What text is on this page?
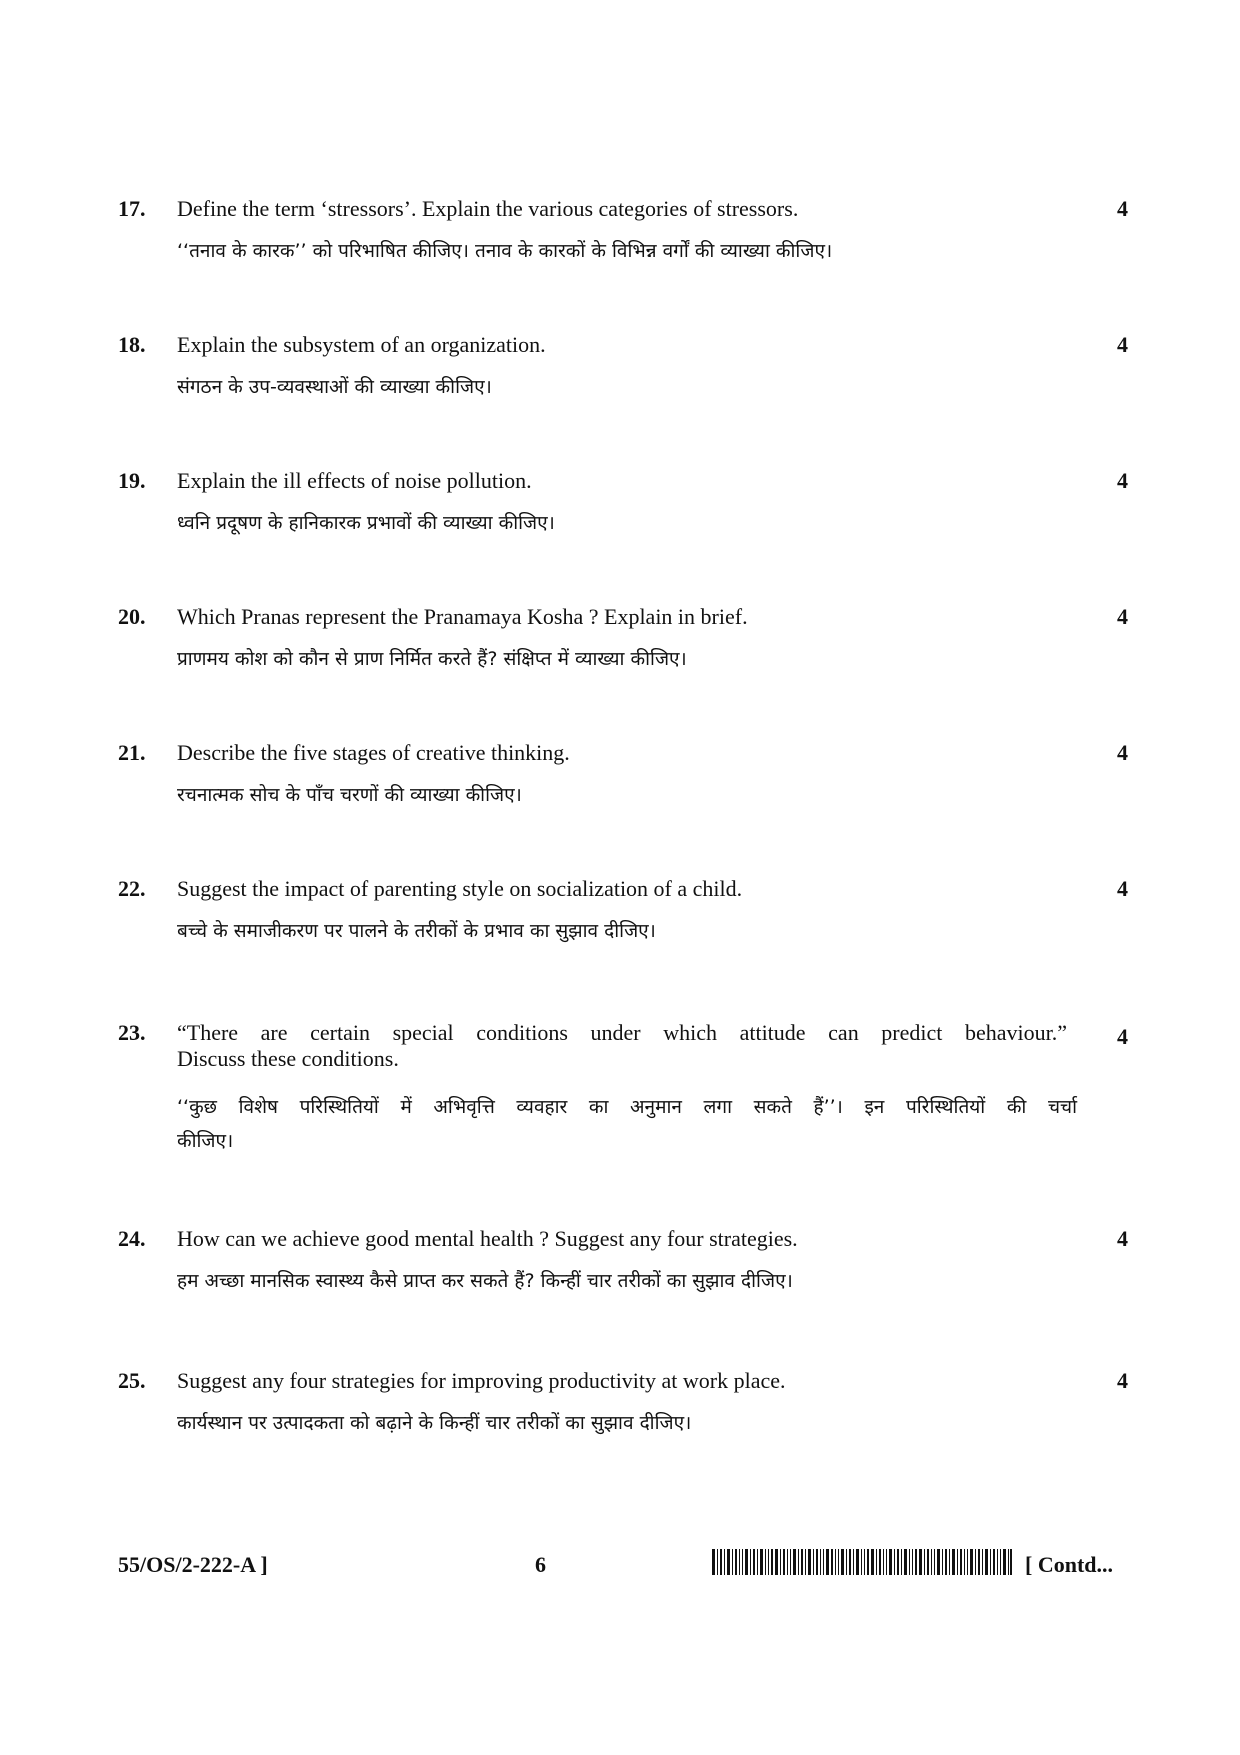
17.	Define the term ‘stressors’. Explain the various categories of stressors.
‘‘तनाव के कारक’’ को परिभाषित कीजिए। तनाव के कारकों के विभिन्न वर्गों की व्याख्या कीजिए।
4
18.	Explain the subsystem of an organization.
संगठन के उप-व्यवस्थाओं की व्याख्या कीजिए।
4
19.	Explain the ill effects of noise pollution.
ध्वनि प्रदूषण के हानिकारक प्रभावों की व्याख्या कीजिए।
4
20.	Which Pranas represent the Pranamaya Kosha ? Explain in brief.
प्राणमय कोश को कौन से प्राण निर्मित करते हैं? संक्षिप्त में व्याख्या कीजिए।
4
21.	Describe the five stages of creative thinking.
रचनात्मक सोच के पाँच चरणों की व्याख्या कीजिए।
4
22.	Suggest the impact of parenting style on socialization of a child.
बच्चे के समाजीकरण पर पालने के तरीकों के प्रभाव का सुझाव दीजिए।
4
23.	“There are certain special conditions under which attitude can predict behaviour.”
Discuss these conditions.
‘‘कुछ विशेष परिस्थितियों में अभिवृत्ति व्यवहार का अनुमान लगा सकते हैं’’। इन परिस्थितियों की चर्चा
कीजिए।
4
24.	How can we achieve good mental health ? Suggest any four strategies.
हम अच्छा मानसिक स्वास्थ्य कैसे प्राप्त कर सकते हैं? किन्हीं चार तरीकों का सुझाव दीजिए।
4
25.	Suggest any four strategies for improving productivity at work place.
कार्यस्थान पर उत्पादकता को बढ़ाने के किन्हीं चार तरीकों का सुझाव दीजिए।
4
55/OS/2-222-A ]	6	[ Contd...
